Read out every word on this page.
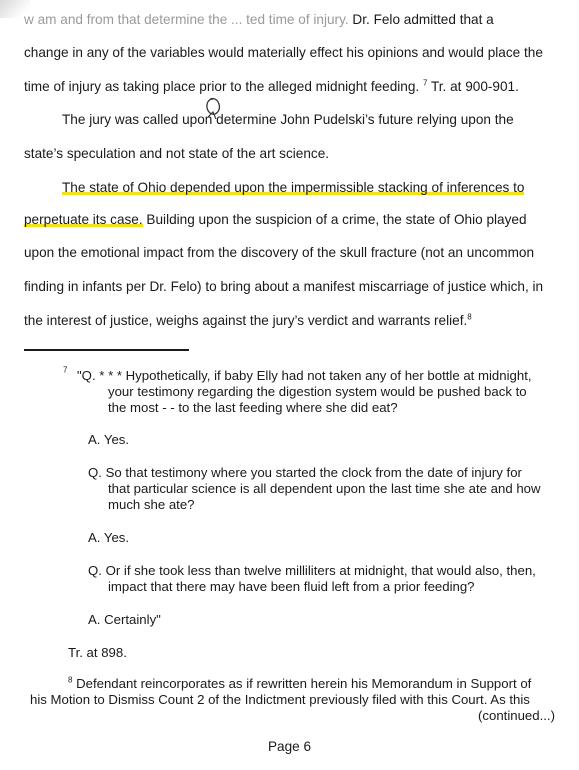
w am and from that determine the ... ted time of injury. Dr. Felo admitted that a
change in any of the variables would materially effect his opinions and would place the
time of injury as taking place prior to the alleged midnight feeding. $^7$ Tr. at 900-901.
The jury was called upon determine John Pudelski’s future relying upon the
state’s speculation and not state of the art science.
The state of Ohio depended upon the impermissible stacking of inferences to
perpetuate its case. Building upon the suspicion of a crime, the state of Ohio played
upon the emotional impact from the discovery of the skull fracture (not an uncommon
finding in infants per Dr. Felo) to bring about a manifest miscarriage of justice which, in
the interest of justice, weighs against the jury’s verdict and warrants relief.$^8$
$^7$ "Q. * * * Hypothetically, if baby Elly had not taken any of her bottle at midnight,
your testimony regarding the digestion system would be pushed back to
the most - - to the last feeding where she did eat?
A. Yes.
Q. So that testimony where you started the clock from the date of injury for
that particular science is all dependent upon the last time she ate and how
much she ate?
A. Yes.
Q. Or if she took less than twelve milliliters at midnight, that would also, then,
impact that there may have been fluid left from a prior feeding?
A. Certainly"
Tr. at 898.
$^8$ Defendant reincorporates as if rewritten herein his Memorandum in Support of
his Motion to Dismiss Count 2 of the Indictment previously filed with this Court. As this
(continued...)
Page 6
